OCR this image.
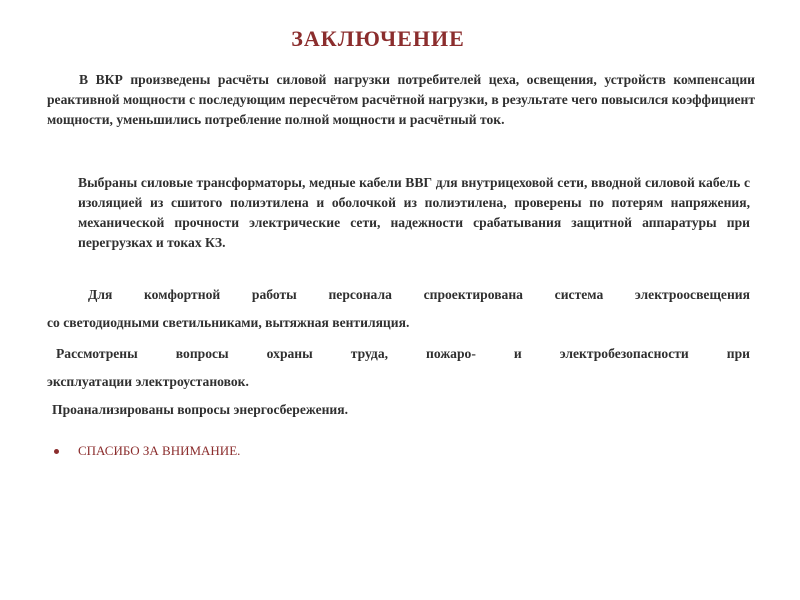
ЗАКЛЮЧЕНИЕ

В ВКР произведены расчёты силовой нагрузки потребителей цеха, освещения, устройств компенсации реактивной мощности с последующим пересчётом расчётной нагрузки, в результате чего повысился коэффициент мощности, уменьшились потребление полной мощности и расчётный ток.

Выбраны силовые трансформаторы, медные кабели ВВГ для внутрицеховой сети, вводной силовой кабель с изоляцией из сшитого полиэтилена и оболочкой из полиэтилена, проверены по потерям напряжения, механической прочности электрические сети, надежности срабатывания защитной аппаратуры при перегрузках и токах КЗ.

Для комфортной работы персонала спроектирована система электроосвещения

со светодиодными светильниками, вытяжная вентиляция.

Рассмотрены вопросы охраны труда, пожаро- и электробезопасности при

эксплуатации электроустановок.

Проанализированы вопросы энергосбережения.

СПАСИБО ЗА ВНИМАНИЕ.
